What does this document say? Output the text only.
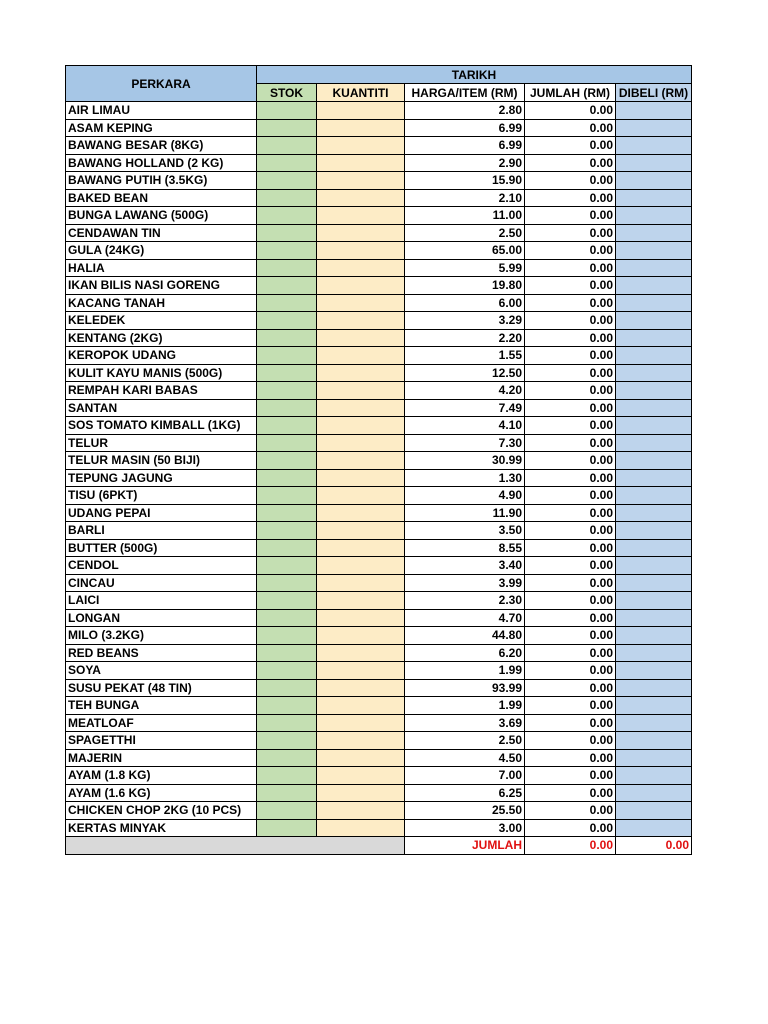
PERKARA	TARIKH				
	STOK	KUANTITI	HARGA/ITEM (RM)	JUMLAH (RM)	DIBELI (RM)
AIR LIMAU			2.80	0.00	
ASAM KEPING			6.99	0.00	
BAWANG BESAR (8KG)			6.99	0.00	
BAWANG HOLLAND (2 KG)			2.90	0.00	
BAWANG PUTIH (3.5KG)			15.90	0.00	
BAKED BEAN			2.10	0.00	
BUNGA LAWANG (500G)			11.00	0.00	
CENDAWAN TIN			2.50	0.00	
GULA (24KG)			65.00	0.00	
HALIA			5.99	0.00	
IKAN BILIS NASI GORENG			19.80	0.00	
KACANG TANAH			6.00	0.00	
KELEDEK			3.29	0.00	
KENTANG (2KG)			2.20	0.00	
KEROPOK UDANG			1.55	0.00	
KULIT KAYU MANIS (500G)			12.50	0.00	
REMPAH KARI BABAS			4.20	0.00	
SANTAN			7.49	0.00	
SOS TOMATO KIMBALL (1KG)			4.10	0.00	
TELUR			7.30	0.00	
TELUR MASIN (50 BIJI)			30.99	0.00	
TEPUNG JAGUNG			1.30	0.00	
TISU (6PKT)			4.90	0.00	
UDANG PEPAI			11.90	0.00	
BARLI			3.50	0.00	
BUTTER (500G)			8.55	0.00	
CENDOL			3.40	0.00	
CINCAU			3.99	0.00	
LAICI			2.30	0.00	
LONGAN			4.70	0.00	
MILO (3.2KG)			44.80	0.00	
RED BEANS			6.20	0.00	
SOYA			1.99	0.00	
SUSU PEKAT (48 TIN)			93.99	0.00	
TEH BUNGA			1.99	0.00	
MEATLOAF			3.69	0.00	
SPAGETTHI			2.50	0.00	
MAJERIN			4.50	0.00	
AYAM (1.8 KG)			7.00	0.00	
AYAM (1.6 KG)			6.25	0.00	
CHICKEN CHOP 2KG (10 PCS)			25.50	0.00	
KERTAS MINYAK			3.00	0.00	
			JUMLAH	0.00	0.00
